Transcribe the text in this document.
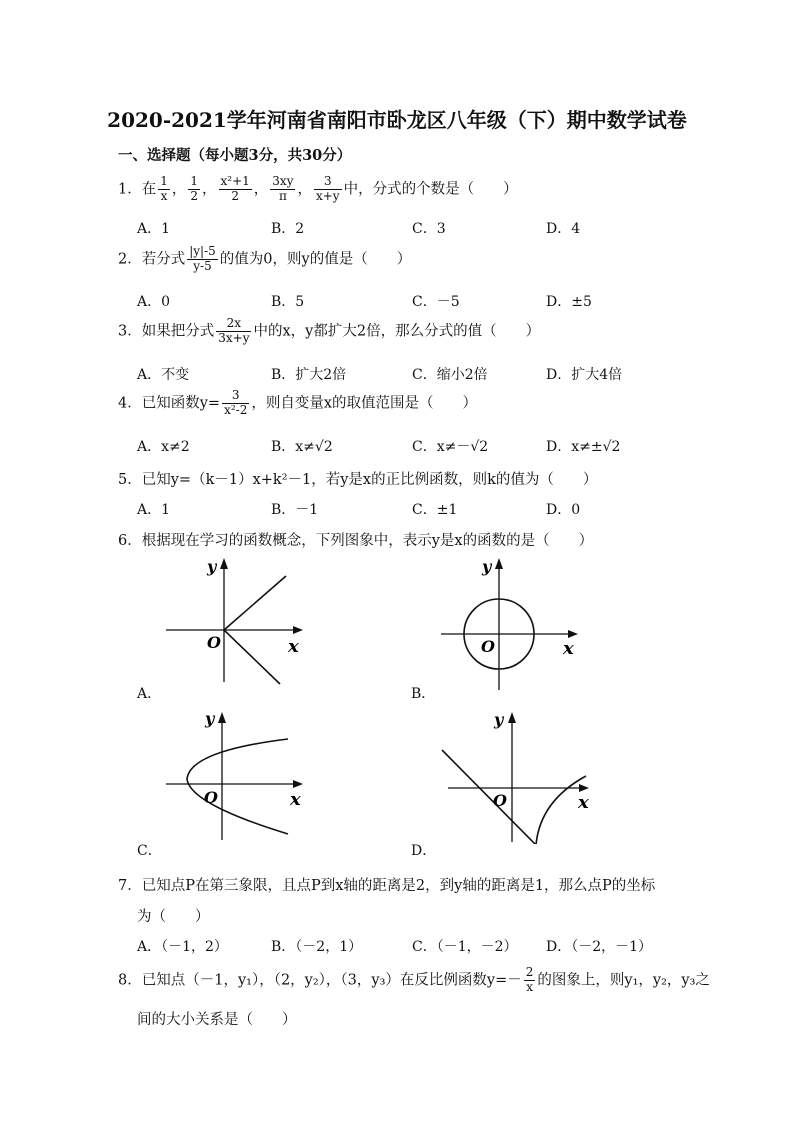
2020-2021学年河南省南阳市卧龙区八年级（下）期中数学试卷
一、选择题（每小题3分，共30分）
1．在 $\frac{1}{x}$ ， $\frac{1}{2}$ ， $\frac{\text{x²+1}}{2}$ ， $\frac{3xy}{\pi}$ ， $\frac{3}{x+y}$ 中，分式的个数是（　　）
A．1	B．2	C．3	D．4
2．若分式 $\frac{|y|-5}{y-5}$ 的值为0，则y的值是（　　）
A．0	B．5	C．－5	D．±5
3．如果把分式 $\frac{2x}{3x+y}$ 中的x，y都扩大2倍，那么分式的值（　　）
A．不变	B．扩大2倍	C．缩小2倍	D．扩大4倍
4．已知函数$y= \frac{3}{\text{x²-2}}$ ，则自变量x的取值范围是（　　）
A．x≠2	B．x≠√2	C．x≠－√2	D．x≠±√2
5．已知y=（k－1）x+k²－1，若y是x的正比例函数，则k的值为（　　）
A．1	B．－1	C．±1	D．0
6．根据现在学习的函数概念，下列图象中，表示y是x的函数的是（　　）
y
O	x
A．
y
O	x
B．
y
O	x
C．
y
O	x
D．
7．已知点P在第三象限，且点P到x轴的距离是2，到y轴的距离是1，那么点P的坐标
为（　　）
A．（－1，2）	B．（－2，1）	C．（－1，－2） D．（－2，－1）
8．已知点（－1，y₁），（2，y₂），（3，y₃）在反比例函数$y=- \frac{2}{x}$ 的图象上，则y₁，y₂，y₃之
间的大小关系是（　　）
